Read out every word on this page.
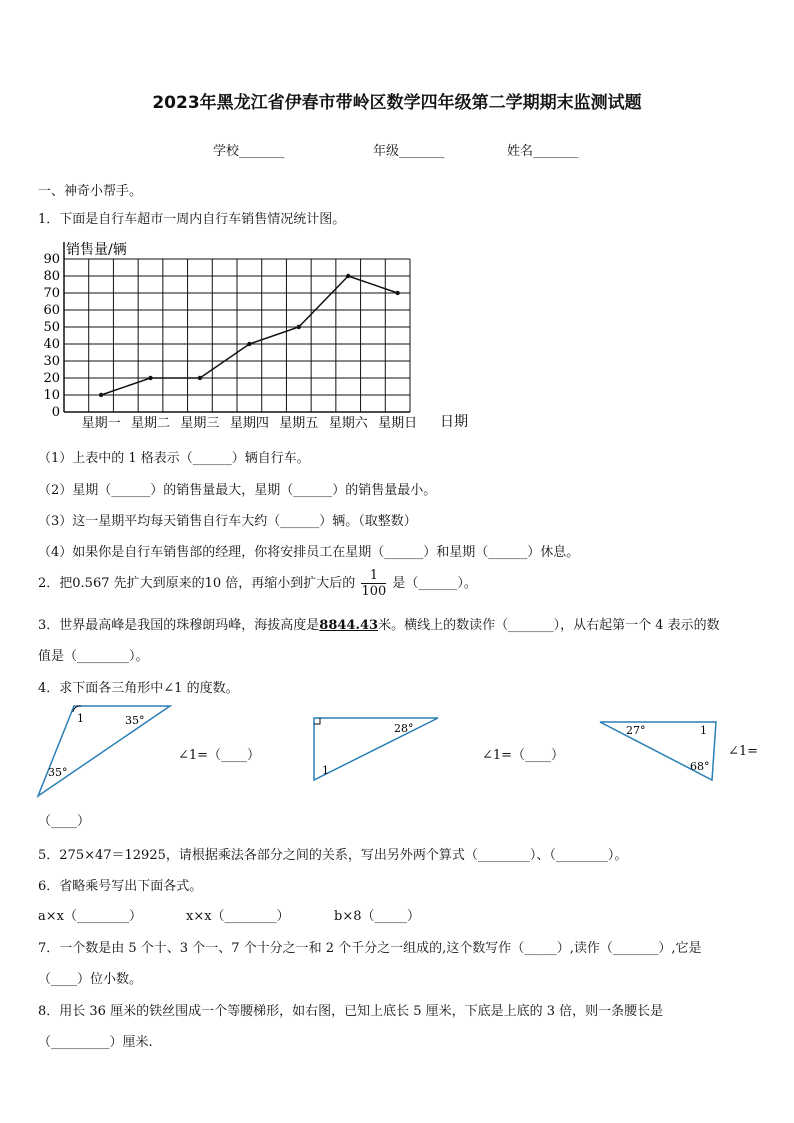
2023年黑龙江省伊春市带岭区数学四年级第二学期期末监测试题
学校_______	年级_______	姓名_______
一、神奇小帮手。
1．下面是自行车超市一周内自行车销售情况统计图。
0
10
20
30
40
50
60
70
80
90
星期一 星期二 星期三 星期四 星期五 星期六 星期日
销售量/辆
日期
（1）上表中的 1 格表示（______）辆自行车。
（2）星期（______）的销售量最大，星期（______）的销售量最小。
（3）这一星期平均每天销售自行车大约（______）辆。（取整数）
（4）如果你是自行车销售部的经理，你将安排员工在星期（______）和星期（______）休息。
2．把0.567 先扩大到原来的10 倍，再缩小到扩大后的 $\frac{1}{100}$ 是（______）。
3．世界最高峰是我国的珠穆朗玛峰，海拔高度是8844.43米。横线上的数读作（_______），从右起第一个 4 表示的数
值是（________）。
4．求下面各三角形中∠1 的度数。
1	35°
35°
∠1=（____）
28°
1
∠1=（____）
27°	1
68°
∠1=
（____）
5．275×47＝12925，请根据乘法各部分之间的关系，写出另外两个算式（________）、（________）。
6．省略乘号写出下面各式。
a×x（________）	x×x（________）	b×8（_____）
7．一个数是由 5 个十、3 个一、7 个十分之一和 2 个千分之一组成的,这个数写作（_____）,读作（_______）,它是
（____）位小数。
8．用长 36 厘米的铁丝围成一个等腰梯形，如右图，已知上底长 5 厘米，下底是上底的 3 倍，则一条腰长是
（_________）厘米.
